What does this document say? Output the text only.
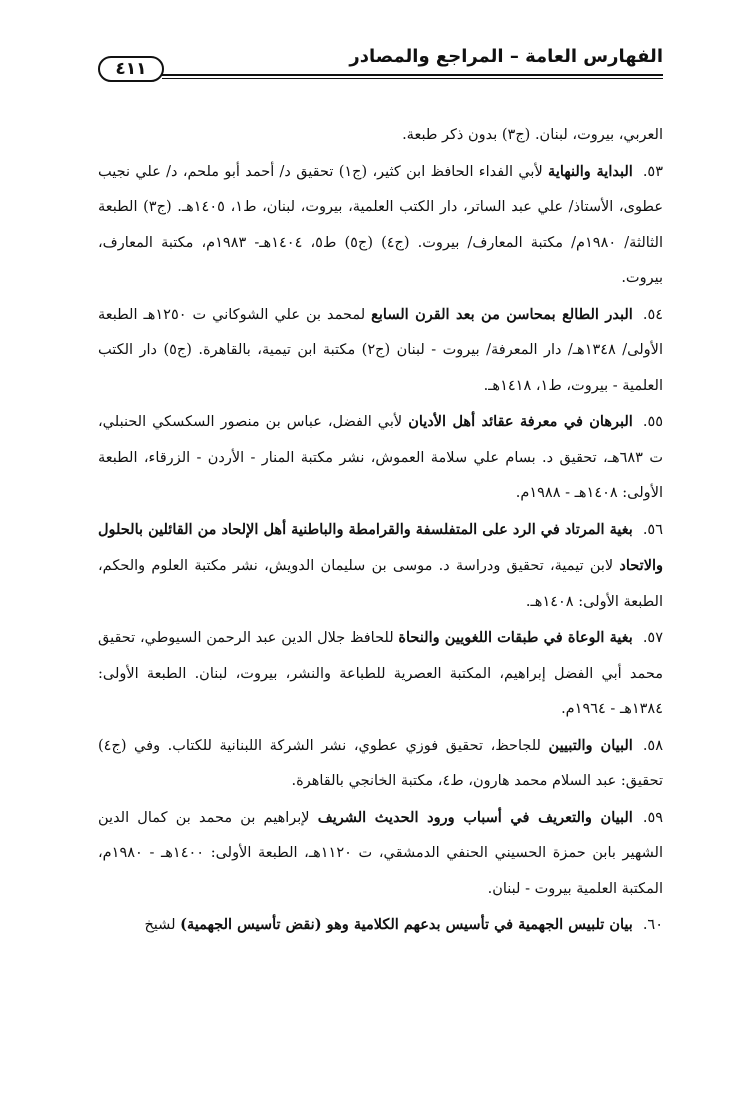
الفهارس العامة – المراجع والمصادر
٤١١

العربي، بيروت، لبنان. (ج٣) بدون ذكر طبعة.

٥٣.البداية والنهاية لأبي الفداء الحافظ ابن كثير، (ج١) تحقيق د/ أحمد أبو ملحم، د/ علي نجيب عطوى، الأستاذ/ علي عبد الساتر، دار الكتب العلمية، بيروت، لبنان، ط١، ١٤٠٥هـ. (ج٣) الطبعة الثالثة/ ١٩٨٠م/ مكتبة المعارف/ بيروت. (ج٤) (ج٥) ط٥، ١٤٠٤هـ- ١٩٨٣م، مكتبة المعارف، بيروت.

٥٤.البدر الطالع بمحاسن من بعد القرن السابع لمحمد بن علي الشوكاني ت ١٢٥٠هـ الطبعة الأولى/ ١٣٤٨هـ/ دار المعرفة/ بيروت - لبنان (ج٢) مكتبة ابن تيمية، بالقاهرة. (ج٥) دار الكتب العلمية - بيروت، ط١، ١٤١٨هـ.

٥٥.البرهان في معرفة عقائد أهل الأديان لأبي الفضل، عباس بن منصور السكسكي الحنبلي، ت ٦٨٣هـ، تحقيق د. بسام علي سلامة العموش، نشر مكتبة المنار - الأردن - الزرقاء، الطبعة الأولى: ١٤٠٨هـ - ١٩٨٨م.

٥٦.بغية المرتاد في الرد على المتفلسفة والقرامطة والباطنية أهل الإلحاد من القائلين بالحلول والاتحاد لابن تيمية، تحقيق ودراسة د. موسى بن سليمان الدويش، نشر مكتبة العلوم والحكم، الطبعة الأولى: ١٤٠٨هـ.

٥٧.بغية الوعاة في طبقات اللغويين والنحاة للحافظ جلال الدين عبد الرحمن السيوطي، تحقيق محمد أبي الفضل إبراهيم، المكتبة العصرية للطباعة والنشر، بيروت، لبنان. الطبعة الأولى: ١٣٨٤هـ - ١٩٦٤م.

٥٨.البيان والتبيين للجاحظ، تحقيق فوزي عطوي، نشر الشركة اللبنانية للكتاب. وفي (ج٤) تحقيق: عبد السلام محمد هارون، ط٤، مكتبة الخانجي بالقاهرة.

٥٩.البيان والتعريف في أسباب ورود الحديث الشريف لإبراهيم بن محمد بن كمال الدين الشهير بابن حمزة الحسيني الحنفي الدمشقي، ت ١١٢٠هـ، الطبعة الأولى: ١٤٠٠هـ - ١٩٨٠م، المكتبة العلمية بيروت - لبنان.

٦٠.بيان تلبيس الجهمية في تأسيس بدعهم الكلامية وهو (نقض تأسيس الجهمية) لشيخ
